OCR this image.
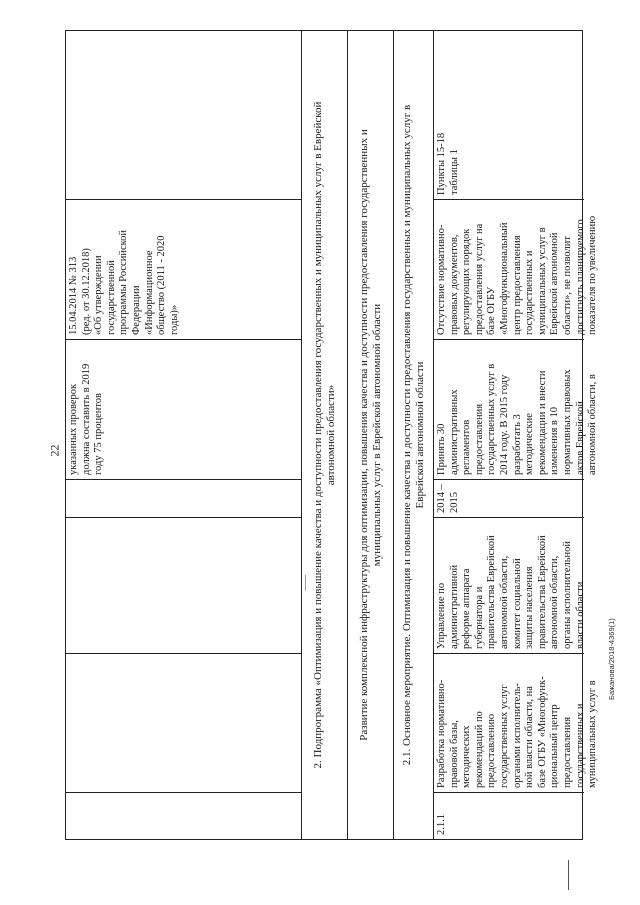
22 указанных проверок должна составить в 2019 году 75 процентов
15.04.2014 № 313 (ред. от 30.12.2018) «Об утверждении государственной программы Российской Федерации «Информационное общество (2011 - 2020 годы)»	2. Подпрограмма «Оптимизация и повышение качества и доступности предоставления государственных и муниципальных услуг в Еврейской автономной области» Развитие комплексной инфраструктуры для оптимизации, повышения качества и доступности предоставления государственных и муниципальных услуг в Еврейской автономной области 2.1. Основное мероприятие. Оптимизация и повышение качества и доступности предоставления государственных и муниципальных услуг в Еврейской автономной области
2.1.1
Разработка нормативно- правовой базы, методических рекомендаций по предоставлению государственных услуг органами исполнитель- ной власти области, на базе ОГБУ «Многофунк- циональный центр предоставления государственных и муниципальных услуг в
Управление по административной реформе аппарата губернатора и правительства Еврейской автономной области, комитет социальной защиты населения правительства Еврейской автономной области, органы исполнительной власти области
2014 – 2015
Принять 30 административных регламентов предоставления государственных услуг в 2014 году. В 2015 году разработать 3 методические рекомендации и внести изменения в 10 нормативных правовых актов Еврейской автономной области, в
Отсутствие нормативно- правовых документов, регулирующих порядок предоставления услуг на базе ОГБУ «Многофункциональный центр предоставления государственных и муниципальных услуг в Еврейской автономной области», не позволит достигнуть планируемого показателя по увеличению
Пункты 15-18 таблицы 1
Бажанова/2018-4369(1)
